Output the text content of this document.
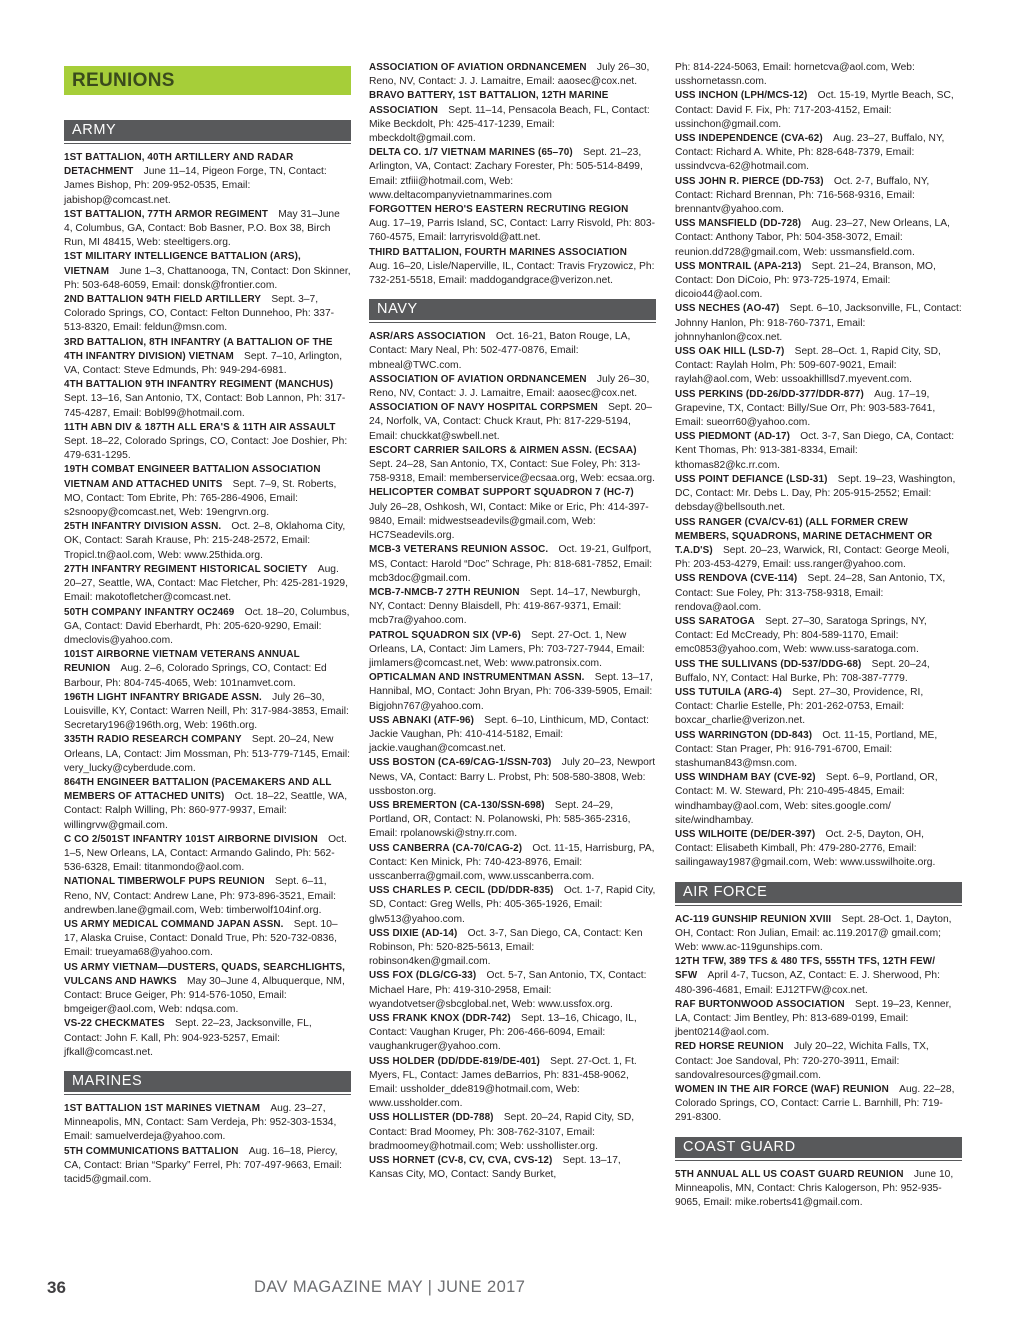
REUNIONS
ARMY

1ST BATTALION, 40TH ARTILLERY AND RADAR DETACHMENT  June 11–14, Pigeon Forge, TN, Contact: James Bishop, Ph: 209-952-0535, Email: jabishop@comcast.net.

1ST BATTALION, 77TH ARMOR REGIMENT  May 31–June 4, Columbus, GA, Contact: Bob Basner, P.O. Box 38, Birch Run, MI 48415, Web: steeltigers.org.

1ST MILITARY INTELLIGENCE BATTALION (ARS), VIETNAM  June 1–3, Chattanooga, TN, Contact: Don Skinner, Ph: 503-648-6059, Email: donsk@frontier.com.

2ND BATTALION 94TH FIELD ARTILLERY  Sept. 3–7, Colorado Springs, CO, Contact: Felton Dunnehoo, Ph: 337-513-8320, Email: feldun@msn.com.

3RD BATTALION, 8TH INFANTRY (A BATTALION OF THE 4TH INFANTRY DIVISION) VIETNAM  Sept. 7–10, Arlington, VA, Contact: Steve Edmunds, Ph: 949-294-6981.

4TH BATTALION 9TH INFANTRY REGIMENT (MANCHUS) Sept. 13–16, San Antonio, TX, Contact: Bob Lannon, Ph: 317-745-4287, Email: Bobl99@hotmail.com.

11TH ABN DIV & 187TH ALL ERA'S & 11TH AIR ASSAULT Sept. 18–22, Colorado Springs, CO, Contact: Joe Doshier, Ph: 479-631-1295.

19TH COMBAT ENGINEER BATTALION ASSOCIATION VIETNAM AND ATTACHED UNITS  Sept. 7–9, St. Roberts, MO, Contact: Tom Ebrite, Ph: 765-286-4906, Email: s2snoopy@comcast.net, Web: 19engrvn.org.

25TH INFANTRY DIVISION ASSN.  Oct. 2–8, Oklahoma City, OK, Contact: Sarah Krause, Ph: 215-248-2572, Email: Tropicl.tn@aol.com, Web: www.25thida.org.

27TH INFANTRY REGIMENT HISTORICAL SOCIETY  Aug. 20–27, Seattle, WA, Contact: Mac Fletcher, Ph: 425-281-1929, Email: makotofletcher@comcast.net.

50TH COMPANY INFANTRY OC2469  Oct. 18–20, Columbus, GA, Contact: David Eberhardt, Ph: 205-620-9290, Email: dmeclovis@yahoo.com.

101ST AIRBORNE VIETNAM VETERANS ANNUAL REUNION  Aug. 2–6, Colorado Springs, CO, Contact: Ed Barbour, Ph: 804-745-4065, Web: 101namvet.com.

196TH LIGHT INFANTRY BRIGADE ASSN.  July 26–30, Louisville, KY, Contact: Warren Neill, Ph: 317-984-3853, Email: Secretary196@196th.org, Web: 196th.org.

335TH RADIO RESEARCH COMPANY  Sept. 20–24, New Orleans, LA, Contact: Jim Mossman, Ph: 513-779-7145, Email: very_lucky@cyberdude.com.

864TH ENGINEER BATTALION (PACEMAKERS AND ALL MEMBERS OF ATTACHED UNITS)  Oct. 18–22, Seattle, WA, Contact: Ralph Willing, Ph: 860-977-9937, Email: willingrvw@gmail.com.

C CO 2/501ST INFANTRY 101ST AIRBORNE DIVISION  Oct. 1–5, New Orleans, LA, Contact: Armando Galindo, Ph: 562-536-6328, Email: titanmondo@aol.com.

NATIONAL TIMBERWOLF PUPS REUNION  Sept. 6–11, Reno, NV, Contact: Andrew Lane, Ph: 973-896-3521, Email: andrewben.lane@gmail.com, Web: timberwolf104inf.org.

US ARMY MEDICAL COMMAND JAPAN ASSN.  Sept. 10–17, Alaska Cruise, Contact: Donald True, Ph: 520-732-0836, Email: trueyama68@yahoo.com.

US ARMY VIETNAM—DUSTERS, QUADS, SEARCHLIGHTS, VULCANS AND HAWKS  May 30–June 4, Albuquerque, NM, Contact: Bruce Geiger, Ph: 914-576-1050, Email: bmgeiger@aol.com, Web: ndqsa.com.

VS-22 CHECKMATES  Sept. 22–23, Jacksonville, FL, Contact: John F. Kall, Ph: 904-923-5257, Email: jfkall@comcast.net.

MARINES

1ST BATTALION 1ST MARINES VIETNAM  Aug. 23–27, Minneapolis, MN, Contact: Sam Verdeja, Ph: 952-303-1534, Email: samuelverdeja@yahoo.com.

5TH COMMUNICATIONS BATTALION  Aug. 16–18, Piercy, CA, Contact: Brian “Sparky” Ferrel, Ph: 707-497-9663, Email: tacid5@gmail.com.

ASSOCIATION OF AVIATION ORDNANCEMEN  July 26–30, Reno, NV, Contact: J. J. Lamaitre, Email: aaosec@cox.net.

BRAVO BATTERY, 1ST BATTALION, 12TH MARINE ASSOCIATION  Sept. 11–14, Pensacola Beach, FL, Contact: Mike Beckdolt, Ph: 425-417-1239, Email: mbeckdolt@gmail.com.

DELTA CO. 1/7 VIETNAM MARINES (65–70)  Sept. 21–23, Arlington, VA, Contact: Zachary Forester, Ph: 505-514-8499, Email: ztfiii@hotmail.com, Web: www.deltacompanyvietnammarines.com

FORGOTTEN HERO'S EASTERN RECRUTING REGION Aug. 17–19, Parris Island, SC, Contact: Larry Risvold, Ph: 803-760-4575, Email: larryrisvold@att.net.

THIRD BATTALION, FOURTH MARINES ASSOCIATION Aug. 16–20, Lisle/Naperville, IL, Contact: Travis Fryzowicz, Ph: 732-251-5518, Email: maddogandgrace@verizon.net.

NAVY

ASR/ARS ASSOCIATION  Oct. 16-21, Baton Rouge, LA, Contact: Mary Neal, Ph: 502-477-0876, Email: mbneal@TWC.com.

ASSOCIATION OF AVIATION ORDNANCEMEN  July 26–30, Reno, NV, Contact: J. J. Lamaitre, Email: aaosec@cox.net.

ASSOCIATION OF NAVY HOSPITAL CORPSMEN  Sept. 20–24, Norfolk, VA, Contact: Chuck Kraut, Ph: 817-229-5194, Email: chuckkat@swbell.net.

ESCORT CARRIER SAILORS & AIRMEN ASSN. (ECSAA) Sept. 24–28, San Antonio, TX, Contact: Sue Foley, Ph: 313-758-9318, Email: memberservice@ecsaa.org, Web: ecsaa.org.

HELICOPTER COMBAT SUPPORT SQUADRON 7 (HC-7) July 26–28, Oshkosh, WI, Contact: Mike or Eric, Ph: 414-397-9840, Email: midwestseadevils@gmail.com, Web: HC7Seadevils.org.

MCB-3 VETERANS REUNION ASSOC.  Oct. 19-21, Gulfport, MS, Contact: Harold “Doc” Schrage, Ph: 818-681-7852, Email: mcb3doc@gmail.com.

MCB-7-NMCB-7 27TH REUNION  Sept. 14–17, Newburgh, NY, Contact: Denny Blaisdell, Ph: 419-867-9371, Email: mcb7ra@yahoo.com.

PATROL SQUADRON SIX (VP-6)  Sept. 27-Oct. 1, New Orleans, LA, Contact: Jim Lamers, Ph: 703-727-7944, Email: jimlamers@comcast.net, Web: www.patronsix.com.

OPTICALMAN AND INSTRUMENTMAN ASSN.  Sept. 13–17, Hannibal, MO, Contact: John Bryan, Ph: 706-339-5905, Email: Bigjohn767@yahoo.com.

USS ABNAKI (ATF-96)  Sept. 6–10, Linthicum, MD, Contact: Jackie Vaughan, Ph: 410-414-5182, Email: jackie.vaughan@comcast.net.

USS BOSTON (CA-69/CAG-1/SSN-703)  July 20–23, Newport News, VA, Contact: Barry L. Probst, Ph: 508-580-3808, Web: ussboston.org.

USS BREMERTON (CA-130/SSN-698)  Sept. 24–29, Portland, OR, Contact: N. Polanowski, Ph: 585-365-2316, Email: rpolanowski@stny.rr.com.

USS CANBERRA (CA-70/CAG-2)  Oct. 11-15, Harrisburg, PA, Contact: Ken Minick, Ph: 740-423-8976, Email: usscanberra@gmail.com, www.usscanberra.com.

USS CHARLES P. CECIL (DD/DDR-835)  Oct. 1-7, Rapid City, SD, Contact: Greg Wells, Ph: 405-365-1926, Email: glw513@yahoo.com.

USS DIXIE (AD-14)  Oct. 3-7, San Diego, CA, Contact: Ken Robinson, Ph: 520-825-5613, Email: robinson4ken@gmail.com.

USS FOX (DLG/CG-33)  Oct. 5-7, San Antonio, TX, Contact: Michael Hare, Ph: 419-310-2958, Email: wyandotvetser@sbcglobal.net, Web: www.ussfox.org.

USS FRANK KNOX (DDR-742)  Sept. 13–16, Chicago, IL, Contact: Vaughan Kruger, Ph: 206-466-6094, Email: vaughankruger@yahoo.com.

USS HOLDER (DD/DDE-819/DE-401)  Sept. 27-Oct. 1, Ft. Myers, FL, Contact: James deBarrios, Ph: 831-458-9062, Email: ussholder_dde819@hotmail.com, Web: www.ussholder.com.

USS HOLLISTER (DD-788)  Sept. 20–24, Rapid City, SD, Contact: Brad Moomey, Ph: 308-762-3107, Email: bradmoomey@hotmail.com; Web: usshollister.org.

USS HORNET (CV-8, CV, CVA, CVS-12)  Sept. 13–17, Kansas City, MO, Contact: Sandy Burket,

Ph: 814-224-5063, Email: hornetcva@aol.com, Web: usshornetassn.com.

USS INCHON (LPH/MCS-12)  Oct. 15-19, Myrtle Beach, SC, Contact: David F. Fix, Ph: 717-203-4152, Email: ussinchon@gmail.com.

USS INDEPENDENCE (CVA-62)  Aug. 23–27, Buffalo, NY, Contact: Richard A. White, Ph: 828-648-7379, Email: ussindvcva-62@hotmail.com.

USS JOHN R. PIERCE (DD-753)  Oct. 2-7, Buffalo, NY, Contact: Richard Brennan, Ph: 716-568-9316, Email: brennantv@yahoo.com.

USS MANSFIELD (DD-728)  Aug. 23–27, New Orleans, LA, Contact: Anthony Tabor, Ph: 504-358-3072, Email: reunion.dd728@gmail.com, Web: ussmansfield.com.

USS MONTRAIL (APA-213)  Sept. 21–24, Branson, MO, Contact: Don DiCoio, Ph: 973-725-1974, Email: dicoio44@aol.com.

USS NECHES (AO-47)  Sept. 6–10, Jacksonville, FL, Contact: Johnny Hanlon, Ph: 918-760-7371, Email: johnnyhanlon@cox.net.

USS OAK HILL (LSD-7)  Sept. 28–Oct. 1, Rapid City, SD, Contact: Raylah Holm, Ph: 509-607-9021, Email: raylah@aol.com, Web: ussoakhilllsd7.myevent.com.

USS PERKINS (DD-26/DD-377/DDR-877)  Aug. 17–19, Grapevine, TX, Contact: Billy/Sue Orr, Ph: 903-583-7641, Email: sueorr60@yahoo.com.

USS PIEDMONT (AD-17)  Oct. 3-7, San Diego, CA, Contact: Kent Thomas, Ph: 913-381-8334, Email: kthomas82@kc.rr.com.

USS POINT DEFIANCE (LSD-31)  Sept. 19–23, Washington, DC, Contact: Mr. Debs L. Day, Ph: 205-915-2552; Email: debsday@bellsouth.net.

USS RANGER (CVA/CV-61) (ALL FORMER CREW MEMBERS, SQUADRONS, MARINE DETACHMENT OR T.A.D'S)  Sept. 20–23, Warwick, RI, Contact: George Meoli, Ph: 203-453-4279, Email: uss.ranger@yahoo.com.

USS RENDOVA (CVE-114)  Sept. 24–28, San Antonio, TX, Contact: Sue Foley, Ph: 313-758-9318, Email: rendova@aol.com.

USS SARATOGA  Sept. 27–30, Saratoga Springs, NY, Contact: Ed McCready, Ph: 804-589-1170, Email: emc0853@yahoo.com, Web: www.uss-saratoga.com.

USS THE SULLIVANS (DD-537/DDG-68)  Sept. 20–24, Buffalo, NY, Contact: Hal Burke, Ph: 708-387-7779.

USS TUTUILA (ARG-4)  Sept. 27–30, Providence, RI, Contact: Charlie Estelle, Ph: 201-262-0753, Email: boxcar_charlie@verizon.net.

USS WARRINGTON (DD-843)  Oct. 11-15, Portland, ME, Contact: Stan Prager, Ph: 916-791-6700, Email: stashuman843@msn.com.

USS WINDHAM BAY (CVE-92)  Sept. 6–9, Portland, OR, Contact: M. W. Steward, Ph: 210-495-4845, Email: windhambay@aol.com, Web: sites.google.com/ site/windhambay.

USS WILHOITE (DE/DER-397)  Oct. 2-5, Dayton, OH, Contact: Elisabeth Kimball, Ph: 479-280-2776, Email: sailingaway1987@gmail.com, Web: www.usswilhoite.org.

AIR FORCE

AC-119 GUNSHIP REUNION XVIII  Sept. 28-Oct. 1, Dayton, OH, Contact: Ron Julian, Email: ac.119.2017@ gmail.com; Web: www.ac-119gunships.com.

12TH TFW, 389 TFS & 480 TFS, 555TH TFS, 12TH FEW/ SFW  April 4-7, Tucson, AZ, Contact: E. J. Sherwood, Ph: 480-396-4681, Email: EJ12TFW@cox.net.

RAF BURTONWOOD ASSOCIATION  Sept. 19–23, Kenner, LA, Contact: Jim Bentley, Ph: 813-689-0199, Email: jbent0214@aol.com.

RED HORSE REUNION  July 20–22, Wichita Falls, TX, Contact: Joe Sandoval, Ph: 720-270-3911, Email: sandovalresources@gmail.com.

WOMEN IN THE AIR FORCE (WAF) REUNION  Aug. 22–28, Colorado Springs, CO, Contact: Carrie L. Barnhill, Ph: 719-291-8300.

COAST GUARD

5TH ANNUAL ALL US COAST GUARD REUNION  June 10, Minneapolis, MN, Contact: Chris Kalogerson, Ph: 952-935-9065, Email: mike.roberts41@gmail.com.

36	DAV MAGAZINE MAY | JUNE 2017
